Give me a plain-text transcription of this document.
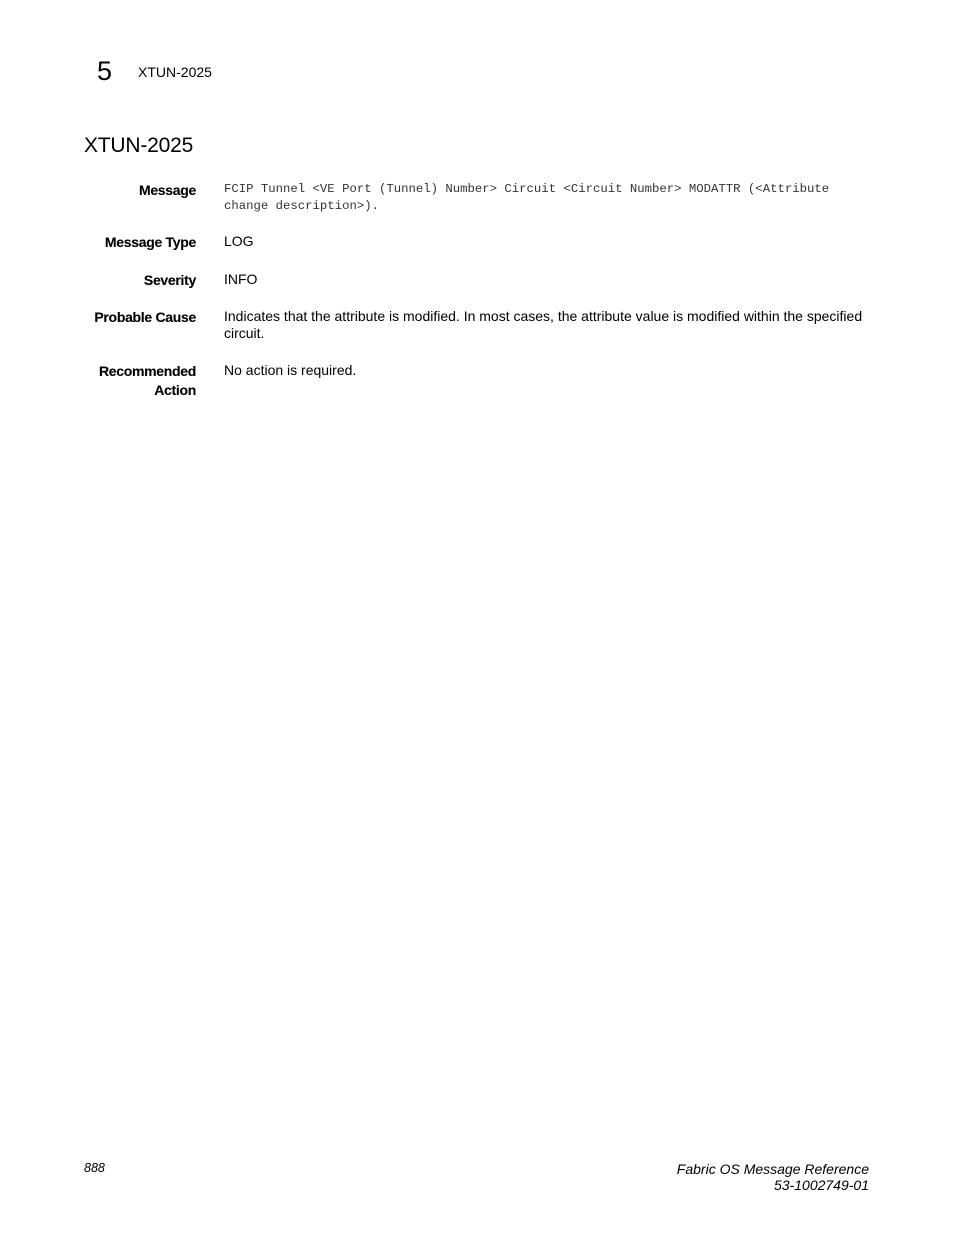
5 XTUN-2025
XTUN-2025
Message FCIP Tunnel <VE Port (Tunnel) Number> Circuit <Circuit Number> MODATTR (<Attribute change description>).
Message Type LOG
Severity INFO
Probable Cause Indicates that the attribute is modified. In most cases, the attribute value is modified within the specified circuit.
Recommended
Action
No action is required.
888	Fabric OS Message Reference
53-1002749-01
